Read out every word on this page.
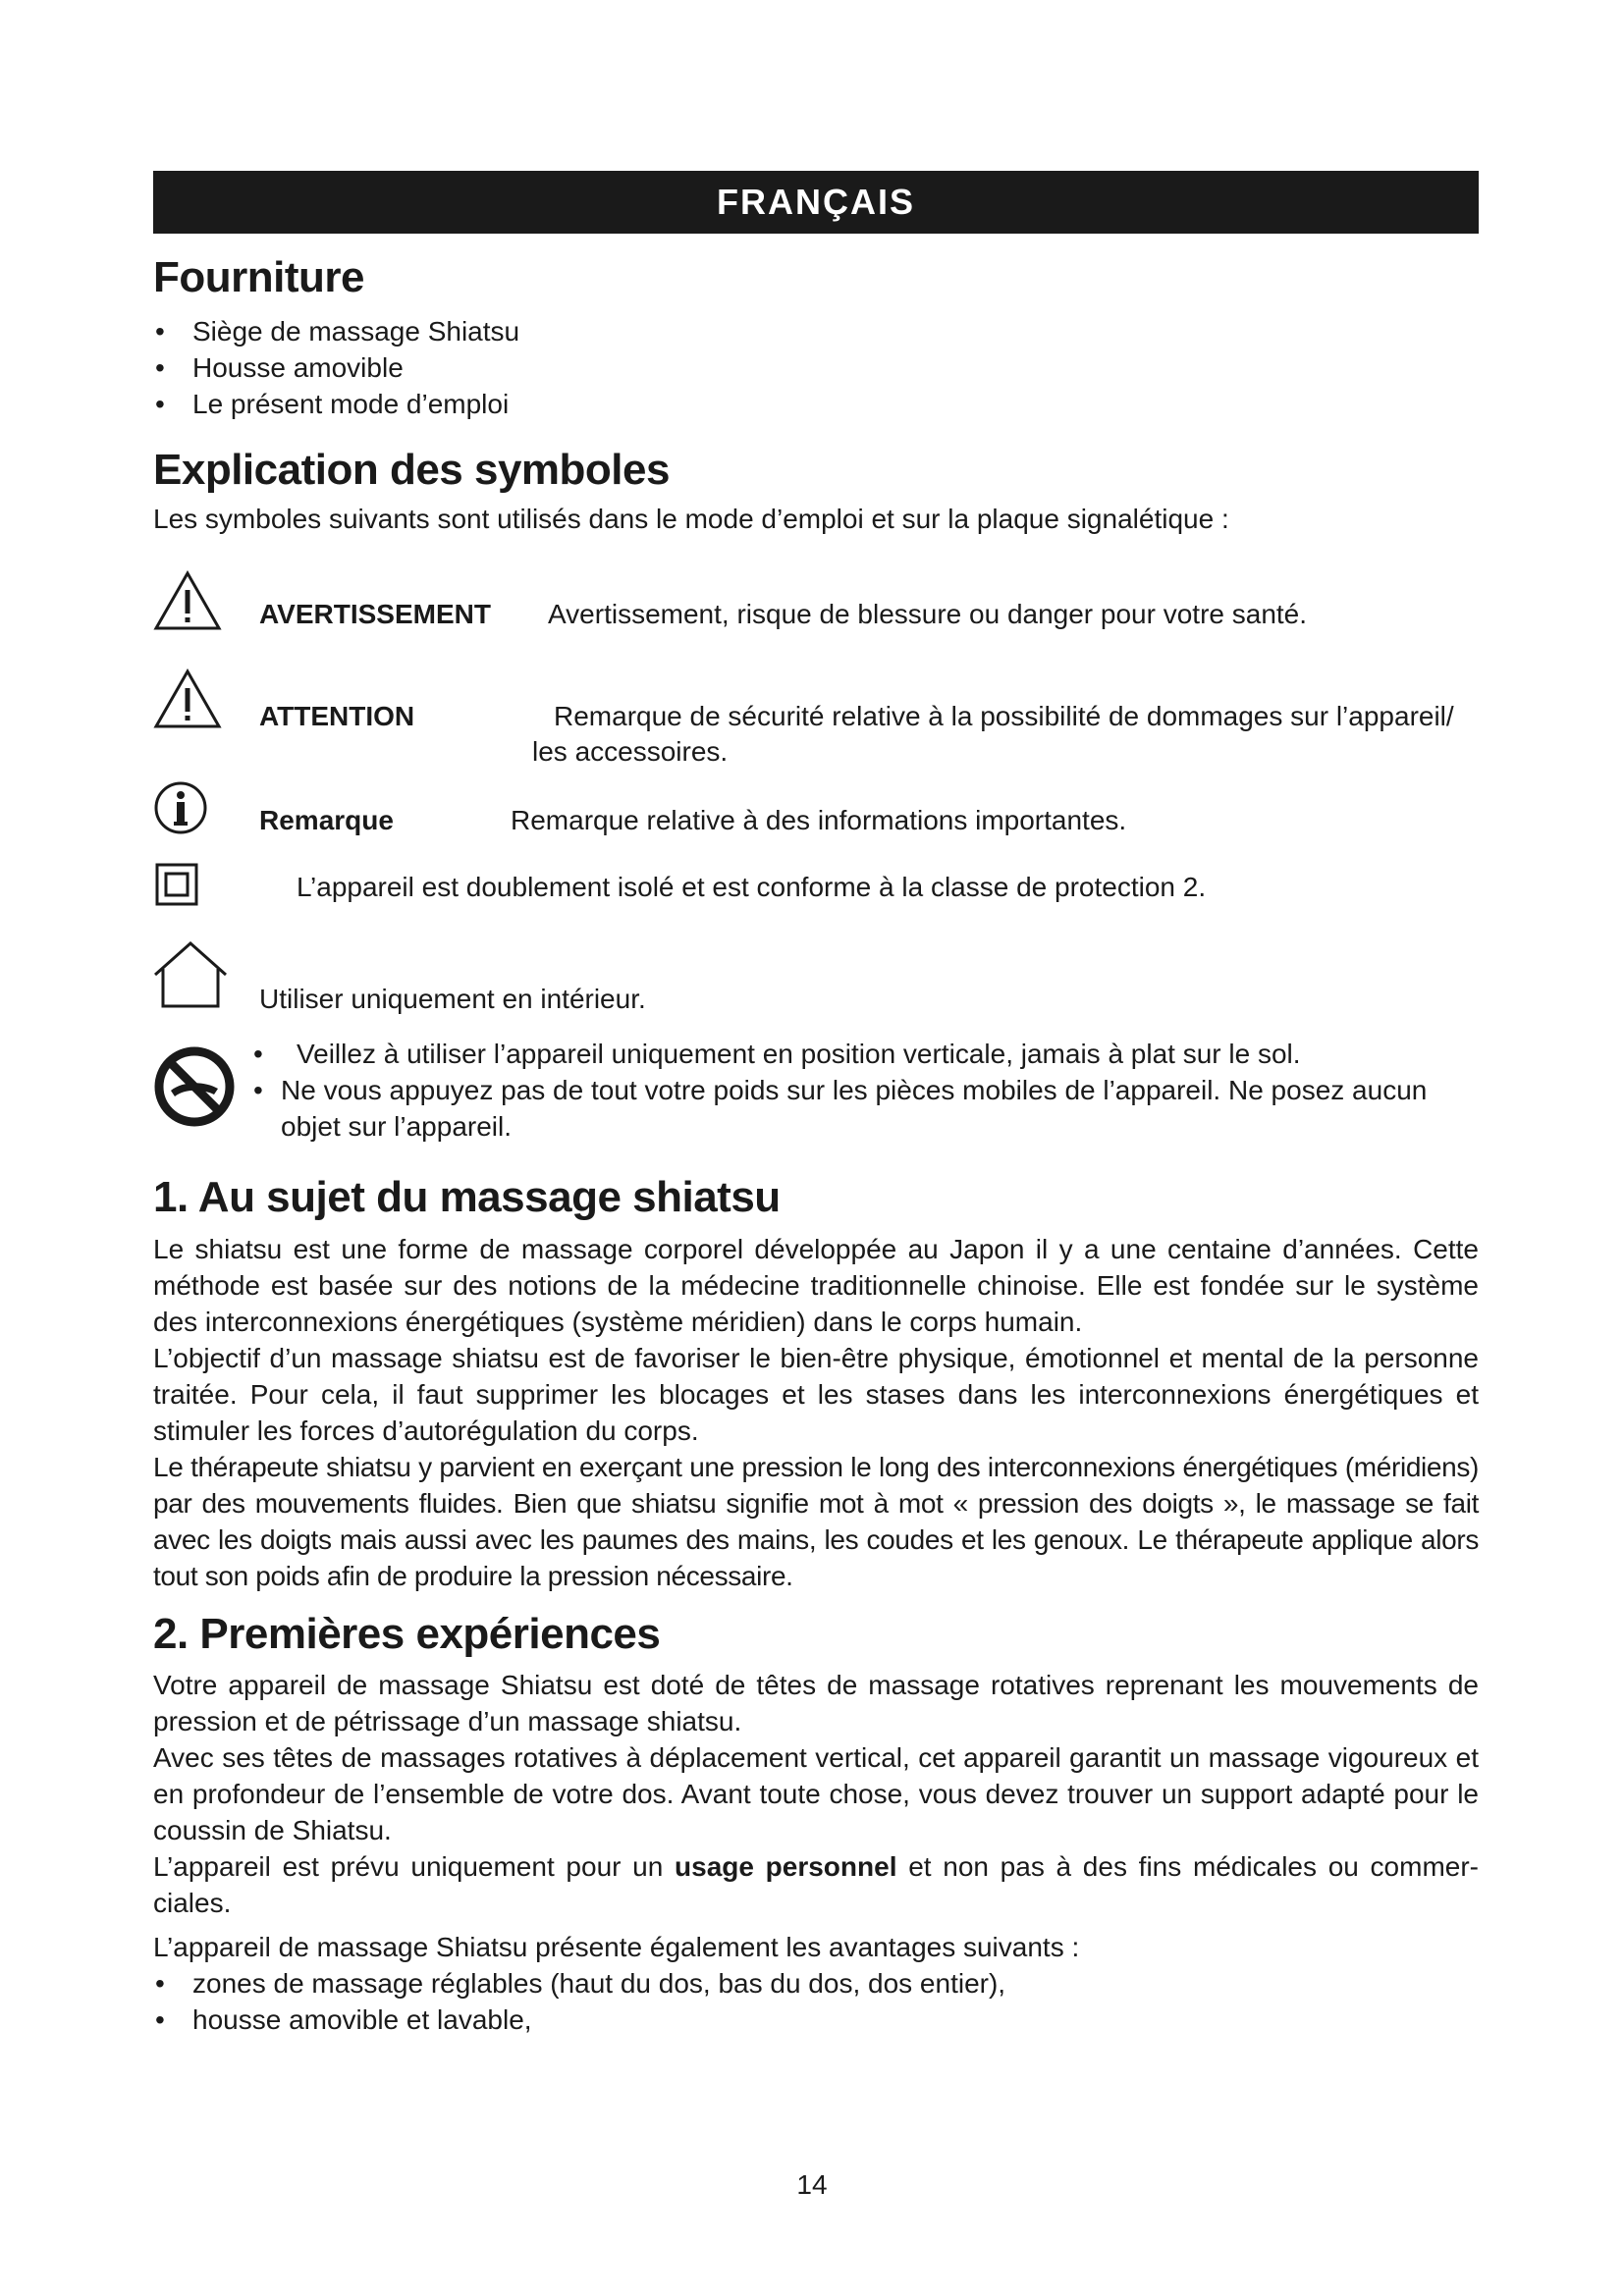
FRANÇAIS
Fourniture
• Siège de massage Shiatsu
• Housse amovible
• Le présent mode d’emploi
Explication des symboles

Les symboles suivants sont utilisés dans le mode d’emploi et sur la plaque signalétique :

AVERTISSEMENT Avertissement, risque de blessure ou danger pour votre santé.
ATTENTION	Remarque de sécurité relative à la possibilité de dommages sur l’appareil/
les accessoires.
Remarque	Remarque relative à des informations importantes.
L’appareil est doublement isolé et est conforme à la classe de protection 2.
Utiliser uniquement en intérieur.
• Veillez à utiliser l’appareil uniquement en position verticale, jamais à plat sur le sol.
• Ne vous appuyez pas de tout votre poids sur les pièces mobiles de l’appareil. Ne posez aucun
objet sur l’appareil.
1. Au sujet du massage shiatsu

Le shiatsu est une forme de massage corporel développée au Japon il y a une centaine d’années. Cette méthode est basée sur des notions de la médecine traditionnelle chinoise. Elle est fondée sur le système des interconnexions énergétiques (système méridien) dans le corps humain.

L’objectif d’un massage shiatsu est de favoriser le bien-être physique, émotionnel et mental de la personne traitée. Pour cela, il faut supprimer les blocages et les stases dans les interconnexions énergétiques et stimuler les forces d’autorégulation du corps.

Le thérapeute shiatsu y parvient en exerçant une pression le long des interconnexions énergétiques (méridiens) par des mouvements fluides. Bien que shiatsu signifie mot à mot « pression des doigts », le massage se fait avec les doigts mais aussi avec les paumes des mains, les coudes et les genoux. Le thérapeute applique alors tout son poids afin de produire la pression nécessaire.

2. Premières expériences

Votre appareil de massage Shiatsu est doté de têtes de massage rotatives reprenant les mouvements de pression et de pétrissage d’un massage shiatsu.

Avec ses têtes de massages rotatives à déplacement vertical, cet appareil garantit un massage vigoureux et en profondeur de l’ensemble de votre dos. Avant toute chose, vous devez trouver un support adapté pour le coussin de Shiatsu.

L’appareil est prévu uniquement pour un usage personnel et non pas à des fins médicales ou commer-ciales.

L’appareil de massage Shiatsu présente également les avantages suivants :

• zones de massage réglables (haut du dos, bas du dos, dos entier),
• housse amovible et lavable,
14
